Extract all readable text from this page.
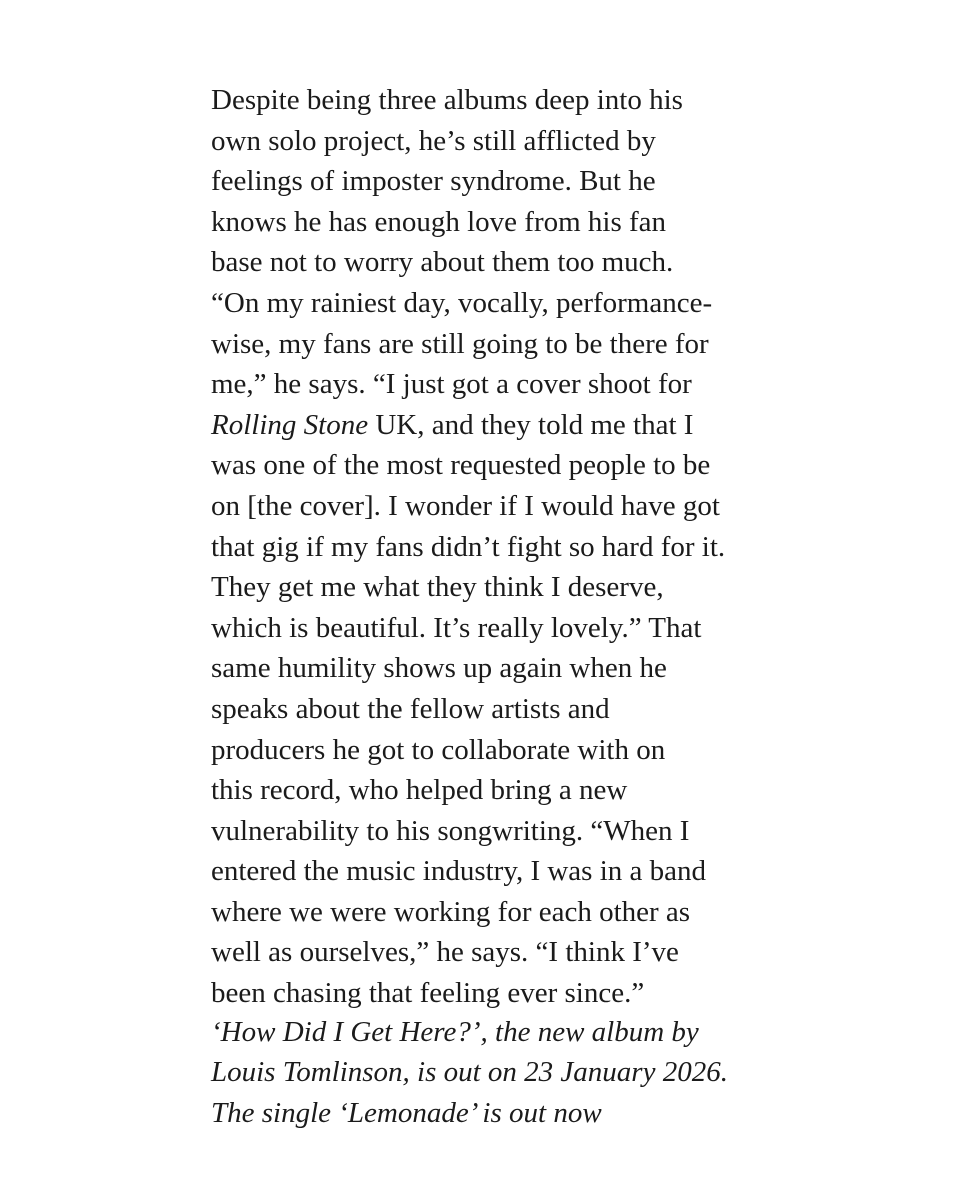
Despite being three albums deep into his
own solo project, he’s still afflicted by
feelings of imposter syndrome. But he
knows he has enough love from his fan
base not to worry about them too much.
“On my rainiest day, vocally, performance-
wise, my fans are still going to be there for
me,” he says. “I just got a cover shoot for
Rolling Stone UK, and they told me that I
was one of the most requested people to be
on [the cover]. I wonder if I would have got
that gig if my fans didn’t fight so hard for it.
They get me what they think I deserve,
which is beautiful. It’s really lovely.” That
same humility shows up again when he
speaks about the fellow artists and
producers he got to collaborate with on
this record, who helped bring a new
vulnerability to his songwriting. “When I
entered the music industry, I was in a band
where we were working for each other as
well as ourselves,” he says. “I think I’ve
been chasing that feeling ever since.”
‘How Did I Get Here?’, the new album by
Louis Tomlinson, is out on 23 January 2026.
The single ‘Lemonade’ is out now
